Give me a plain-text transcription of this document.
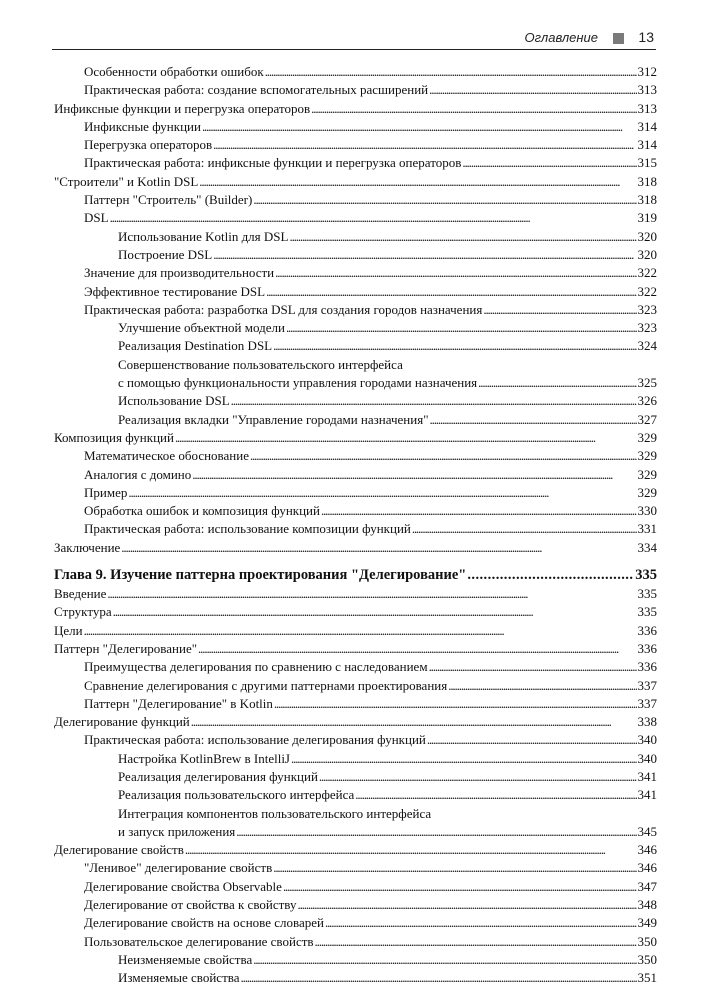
Оглавление	13
Особенности обработки ошибок . . .	312
Практическая работа: создание вспомогательных расширений . . .	313
Инфиксные функции и перегрузка операторов . . .	313
Инфиксные функции . . .	314
Перегрузка операторов . . .	314
Практическая работа: инфиксные функции и перегрузка операторов . . .	315
"Строители" и Kotlin DSL . . .	318
Паттерн "Строитель" (Builder) . . .	318
DSL . . .	319
Использование Kotlin для DSL . . .	320
Построение DSL . . .	320
Значение для производительности . . .	322
Эффективное тестирование DSL . . .	322
Практическая работа: разработка DSL для создания городов назначения . . .	323
Улучшение объектной модели . . .	323
Реализация Destination DSL . . .	324
Совершенствование пользовательского интерфейса
с помощью функциональности управления городами назначения . . .	325
Использование DSL . . .	326
Реализация вкладки "Управление городами назначения" . . .	327
Композиция функций . . .	329
Математическое обоснование . . .	329
Аналогия с домино . . .	329
Пример . . .	329
Обработка ошибок и композиция функций . . .	330
Практическая работа: использование композиции функций . . .	331
Заключение . . .	334
Глава 9. Изучение паттерна проектирования "Делегирование" . . .	335
Введение . . .	335
Структура . . .	335
Цели . . .	336
Паттерн "Делегирование" . . .	336
Преимущества делегирования по сравнению с наследованием . . .	336
Сравнение делегирования с другими паттернами проектирования . . .	337
Паттерн "Делегирование" в Kotlin . . .	337
Делегирование функций . . .	338
Практическая работа: использование делегирования функций . . .	340
Настройка KotlinBrew в IntelliJ . . .	340
Реализация делегирования функций . . .	341
Реализация пользовательского интерфейса . . .	341
Интеграция компонентов пользовательского интерфейса
и запуск приложения . . .	345
Делегирование свойств . . .	346
"Ленивое" делегирование свойств . . .	346
Делегирование свойства Observable . . .	347
Делегирование от свойства к свойству . . .	348
Делегирование свойств на основе словарей . . .	349
Пользовательское делегирование свойств . . .	350
Неизменяемые свойства . . .	350
Изменяемые свойства . . .	351
